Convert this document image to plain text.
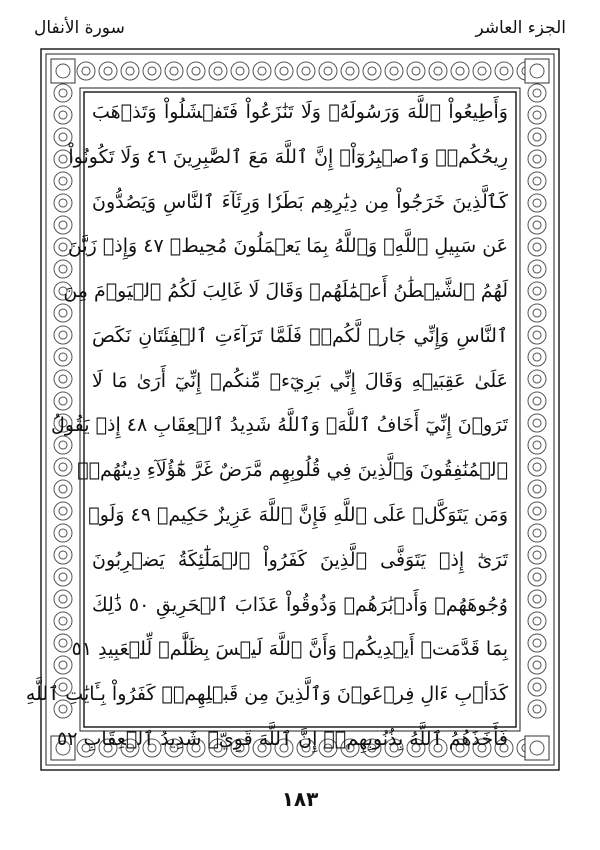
الجزء العاشر
سورة الأنفال
وَأَطِيعُواْ ٱللَّهَ وَرَسُولَهُۥ وَلَا تَنَٰزَعُواْ فَتَفۡشَلُواْ وَتَذۡهَبَ
رِيحُكُمۡۖ وَٱصۡبِرُوٓاْۚ إِنَّ ٱللَّهَ مَعَ ٱلصَّٰبِرِينَ ٤٦ وَلَا تَكُونُواْ
كَٱلَّذِينَ خَرَجُواْ مِن دِيَٰرِهِم بَطَرٗا وَرِئَآءَ ٱلنَّاسِ وَيَصُدُّونَ
عَن سَبِيلِ ٱللَّهِۚ وَٱللَّهُ بِمَا يَعۡمَلُونَ مُحِيطٞ ٤٧ وَإِذۡ زَيَّنَ
لَهُمُ ٱلشَّيۡطَٰنُ أَعۡمَٰلَهُمۡ وَقَالَ لَا غَالِبَ لَكُمُ ٱلۡيَوۡمَ مِنَ
ٱلنَّاسِ وَإِنِّي جَارٞ لَّكُمۡۖ فَلَمَّا تَرَآءَتِ ٱلۡفِئَتَانِ نَكَصَ
عَلَىٰ عَقِبَيۡهِ وَقَالَ إِنِّي بَرِيٓءٞ مِّنكُمۡ إِنِّيٓ أَرَىٰ مَا لَا
تَرَوۡنَ إِنِّيٓ أَخَافُ ٱللَّهَۚ وَٱللَّهُ شَدِيدُ ٱلۡعِقَابِ ٤٨ إِذۡ يَقُولُ
ٱلۡمُنَٰفِقُونَ وَٱلَّذِينَ فِي قُلُوبِهِم مَّرَضٌ غَرَّ هَٰٓؤُلَآءِ دِينُهُمۡۗ
وَمَن يَتَوَكَّلۡ عَلَى ٱللَّهِ فَإِنَّ ٱللَّهَ عَزِيزٌ حَكِيمٞ ٤٩ وَلَوۡ
تَرَىٰٓ إِذۡ يَتَوَفَّى ٱلَّذِينَ كَفَرُواْ ٱلۡمَلَٰٓئِكَةُ يَضۡرِبُونَ
وُجُوهَهُمۡ وَأَدۡبَٰرَهُمۡ وَذُوقُواْ عَذَابَ ٱلۡحَرِيقِ ٥٠ ذَٰلِكَ
بِمَا قَدَّمَتۡ أَيۡدِيكُمۡ وَأَنَّ ٱللَّهَ لَيۡسَ بِظَلَّٰمٖ لِّلۡعَبِيدِ ٥١
كَدَأۡبِ ءَالِ فِرۡعَوۡنَ وَٱلَّذِينَ مِن قَبۡلِهِمۡۚ كَفَرُواْ بِـَٔايَٰتِ ٱللَّهِ
فَأَخَذَهُمُ ٱللَّهُ بِذُنُوبِهِمۡۚ إِنَّ ٱللَّهَ قَوِيّٞ شَدِيدُ ٱلۡعِقَابِ ٥٢
١٨٣
